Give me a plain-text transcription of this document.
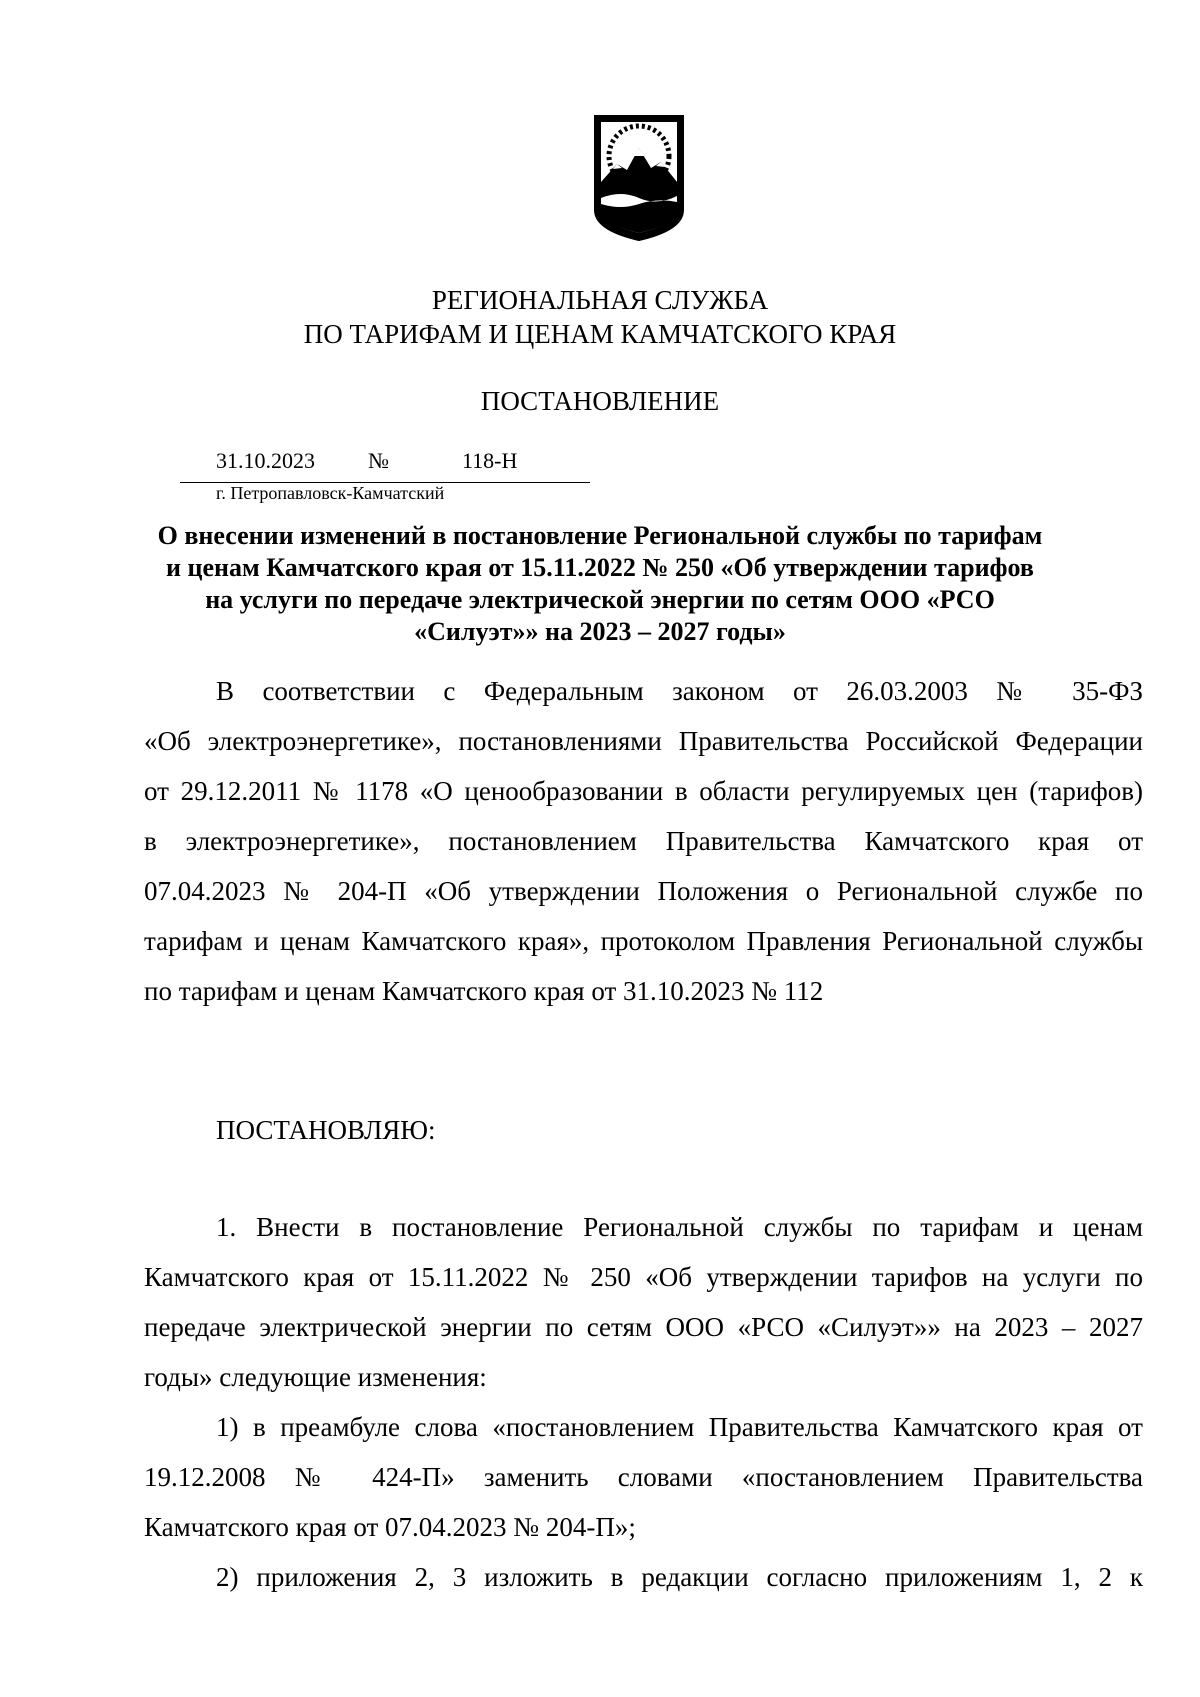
РЕГИОНАЛЬНАЯ СЛУЖБА
ПО ТАРИФАМ И ЦЕНАМ КАМЧАТСКОГО КРАЯ
ПОСТАНОВЛЕНИЕ
31.10.2023 №	118-Н
г. Петропавловск-Камчатский
О внесении изменений в постановление Региональной службы по тарифам
и ценам Камчатского края от 15.11.2022 № 250 «Об утверждении тарифов
на услуги по передаче электрической энергии по сетям ООО «РСО
«Силуэт»» на 2023 – 2027 годы»
В соответствии с Федеральным законом от 26.03.2003 № 35-ФЗ
«Об электроэнергетике», постановлениями Правительства Российской Федерации
от 29.12.2011 № 1178 «О ценообразовании в области регулируемых цен (тарифов)
в электроэнергетике», постановлением Правительства Камчатского края от
07.04.2023 № 204-П «Об утверждении Положения о Региональной службе по
тарифам и ценам Камчатского края», протоколом Правления Региональной службы
по тарифам и ценам Камчатского края от 31.10.2023 № 112
ПОСТАНОВЛЯЮ:
1. Внести в постановление Региональной службы по тарифам и ценам
Камчатского края от 15.11.2022 № 250 «Об утверждении тарифов на услуги по
передаче электрической энергии по сетям ООО «РСО «Силуэт»» на 2023 – 2027
годы» следующие изменения:
1) в преамбуле слова «постановлением Правительства Камчатского края от
19.12.2008 № 424-П» заменить словами «постановлением Правительства
Камчатского края от 07.04.2023 № 204-П»;
2) приложения 2, 3 изложить в редакции согласно приложениям 1, 2 к
